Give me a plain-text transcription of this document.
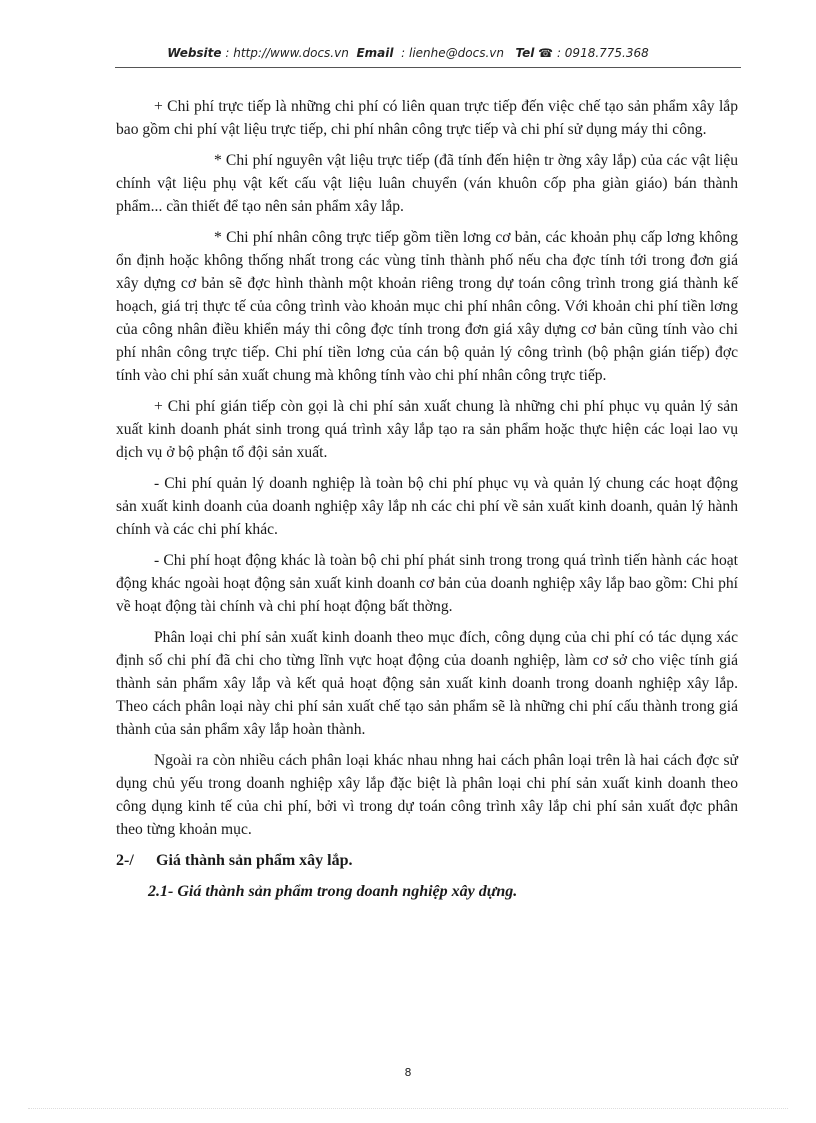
Website : http://www.docs.vn Email : lienhe@docs.vn Tel ☎ : 0918.775.368

+ Chi phí trực tiếp là những chi phí có liên quan trực tiếp đến việc chế tạo sản phẩm xây lắp bao gồm chi phí vật liệu trực tiếp, chi phí nhân công trực tiếp và chi phí sử dụng máy thi công.

* Chi phí nguyên vật liệu trực tiếp (đã tính đến hiện tr ờng xây lắp) của các vật liệu chính vật liệu phụ vật kết cấu vật liệu luân chuyển (ván khuôn cốp pha giàn giáo) bán thành phẩm... cần thiết để tạo nên sản phẩm xây lắp.

* Chi phí nhân công trực tiếp gồm tiền lơng cơ bản, các khoản phụ cấp lơng không ổn định hoặc không thống nhất trong các vùng tỉnh thành phố nếu cha đợc tính tới trong đơn giá xây dựng cơ bản sẽ đợc hình thành một khoản riêng trong dự toán công trình trong giá thành kế hoạch, giá trị thực tế của công trình vào khoản mục chi phí nhân công. Với khoản chi phí tiền lơng của công nhân điều khiển máy thi công đợc tính trong đơn giá xây dựng cơ bản cũng tính vào chi phí nhân công trực tiếp. Chi phí tiền lơng của cán bộ quản lý công trình (bộ phận gián tiếp) đợc tính vào chi phí sản xuất chung mà không tính vào chi phí nhân công trực tiếp.

+ Chi phí gián tiếp còn gọi là chi phí sản xuất chung là những chi phí phục vụ quản lý sản xuất kinh doanh phát sinh trong quá trình xây lắp tạo ra sản phẩm hoặc thực hiện các loại lao vụ dịch vụ ở bộ phận tổ đội sản xuất.

- Chi phí quản lý doanh nghiệp là toàn bộ chi phí phục vụ và quản lý chung các hoạt động sản xuất kinh doanh của doanh nghiệp xây lắp nh các chi phí về sản xuất kinh doanh, quản lý hành chính và các chi phí khác.

- Chi phí hoạt động khác là toàn bộ chi phí phát sinh trong trong quá trình tiến hành các hoạt động khác ngoài hoạt động sản xuất kinh doanh cơ bản của doanh nghiệp xây lắp bao gồm: Chi phí về hoạt động tài chính và chi phí hoạt động bất thờng.

Phân loại chi phí sản xuất kinh doanh theo mục đích, công dụng của chi phí có tác dụng xác định số chi phí đã chi cho từng lĩnh vực hoạt động của doanh nghiệp, làm cơ sở cho việc tính giá thành sản phẩm xây lắp và kết quả hoạt động sản xuất kinh doanh trong doanh nghiệp xây lắp. Theo cách phân loại này chi phí sản xuất chế tạo sản phẩm sẽ là những chi phí cấu thành trong giá thành của sản phẩm xây lắp hoàn thành.

Ngoài ra còn nhiều cách phân loại khác nhau nhng hai cách phân loại trên là hai cách đợc sử dụng chủ yếu trong doanh nghiệp xây lắp đặc biệt là phân loại chi phí sản xuất kinh doanh theo công dụng kinh tế của chi phí, bởi vì trong dự toán công trình xây lắp chi phí sản xuất đợc phân theo từng khoản mục.

2-/ Giá thành sản phẩm xây lắp.

2.1- Giá thành sản phẩm trong doanh nghiệp xây dựng.

8
